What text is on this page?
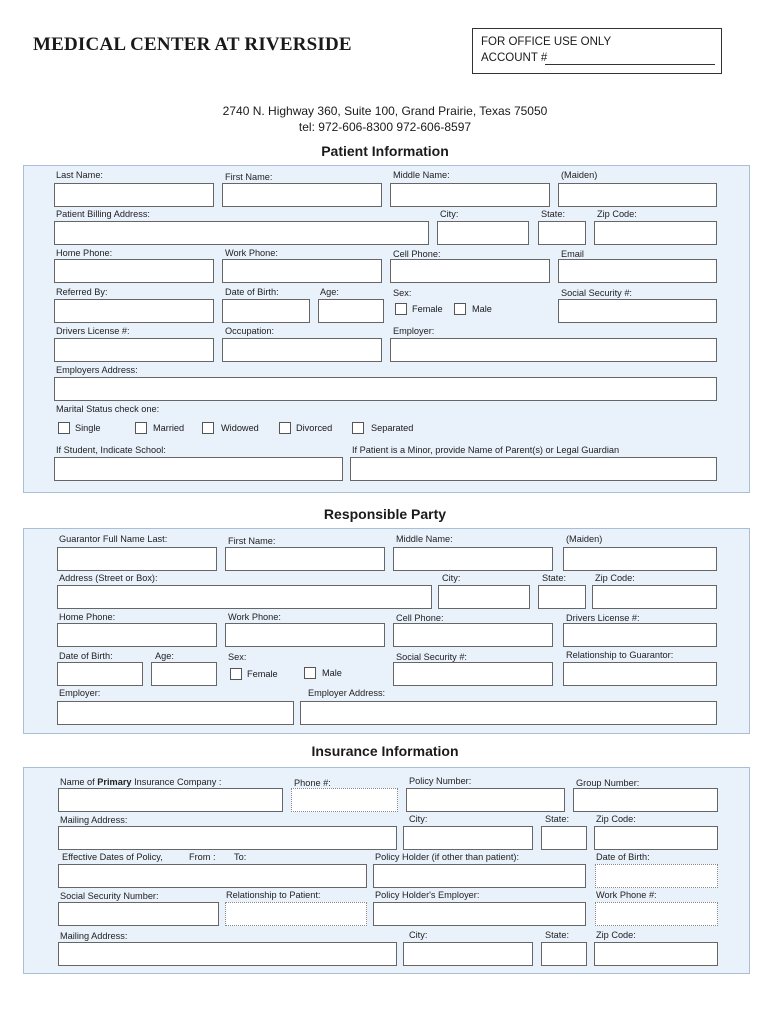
MEDICAL CENTER AT RIVERSIDE	FOR OFFICE USE ONLY
ACCOUNT #
2740 N. Highway 360, Suite 100, Grand Prairie, Texas 75050
tel: 972-606-8300 972-606-8597
Patient Information
Last Name:	First Name:	Middle Name:	(Maiden)
Patient Billing Address:	City:	State:	Zip Code:
Home Phone:	Work Phone:	Cell Phone:	Email
Referred By:	Date of Birth:	Age:	Sex:	Social Security #:
Female	Male
Drivers License #:	Occupation:	Employer:
Employers Address:
Marital Status check one:
Single	Married	Widowed	Divorced	Separated
If Student, Indicate School:	If Patient is a Minor, provide Name of Parent(s) or Legal Guardian
Responsible Party
Guarantor Full Name Last:	First Name:	Middle Name:	(Maiden)
Address (Street or Box):	City:	State:	Zip Code:
Home Phone:	Work Phone:	Cell Phone:	Drivers License #:
Date of Birth:	Age:	Sex:	Social Security #:	Relationship to Guarantor:
Female	Male
Employer:	Employer Address:
Insurance Information
Name of Primary Insurance Company :	Phone #:	Policy Number:	Group Number:
Mailing Address:	City:	State:	Zip Code:
Effective Dates of Policy,	From : To:	Policy Holder (if other than patient):	Date of Birth:
Social Security Number:	Relationship to Patient:	Policy Holder's Employer:	Work Phone #:
Mailing Address:	City:	State:	Zip Code:
